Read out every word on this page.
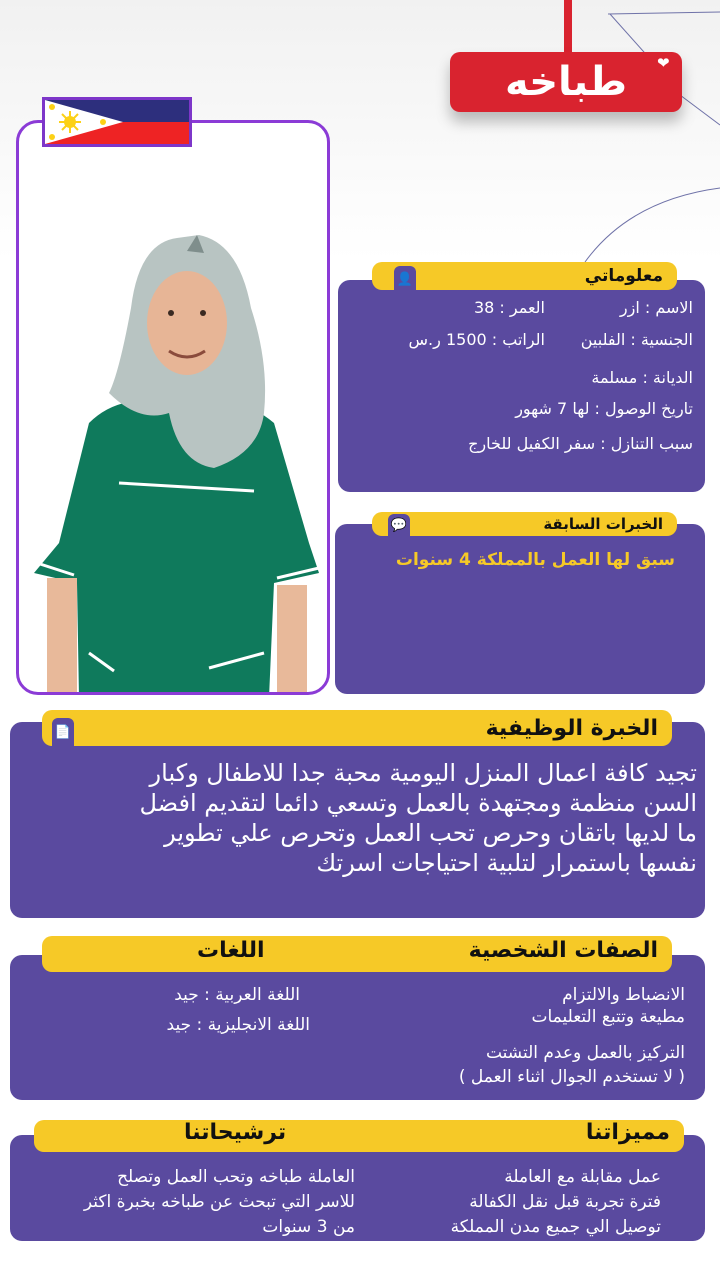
❤
طباخه
الاسم : ازر
العمر : 38
الجنسية : الفلبين
الراتب : 1500 ر.س
الديانة : مسلمة
تاريخ الوصول : لها 7 شهور
سبب التنازل : سفر الكفيل للخارج
معلوماتي
👤
سبق لها العمل بالمملكة 4 سنوات
الخبرات السابقة
💬
تجيد كافة اعمال المنزل اليومية محبة جدا للاطفال وكبار
السن منظمة ومجتهدة بالعمل وتسعي دائما لتقديم افضل
ما لديها باتقان وحرص تحب العمل وتحرص علي تطوير
نفسها باستمرار لتلبية احتياجات اسرتك
الخبرة الوظيفية
📄
الانضباط والالتزام
مطيعة وتتبع التعليمات
التركيز بالعمل وعدم التشتت
( لا تستخدم الجوال اثناء العمل )
اللغة العربية : جيد
اللغة الانجليزية : جيد
الصفات الشخصية
اللغات
عمل مقابلة مع العاملة
فترة تجربة قبل نقل الكفالة
توصيل الي جميع مدن المملكة
العاملة طباخه وتحب العمل وتصلح
للاسر التي تبحث عن طباخه بخبرة اكثر
من 3 سنوات
مميزاتنا
ترشيحاتنا
